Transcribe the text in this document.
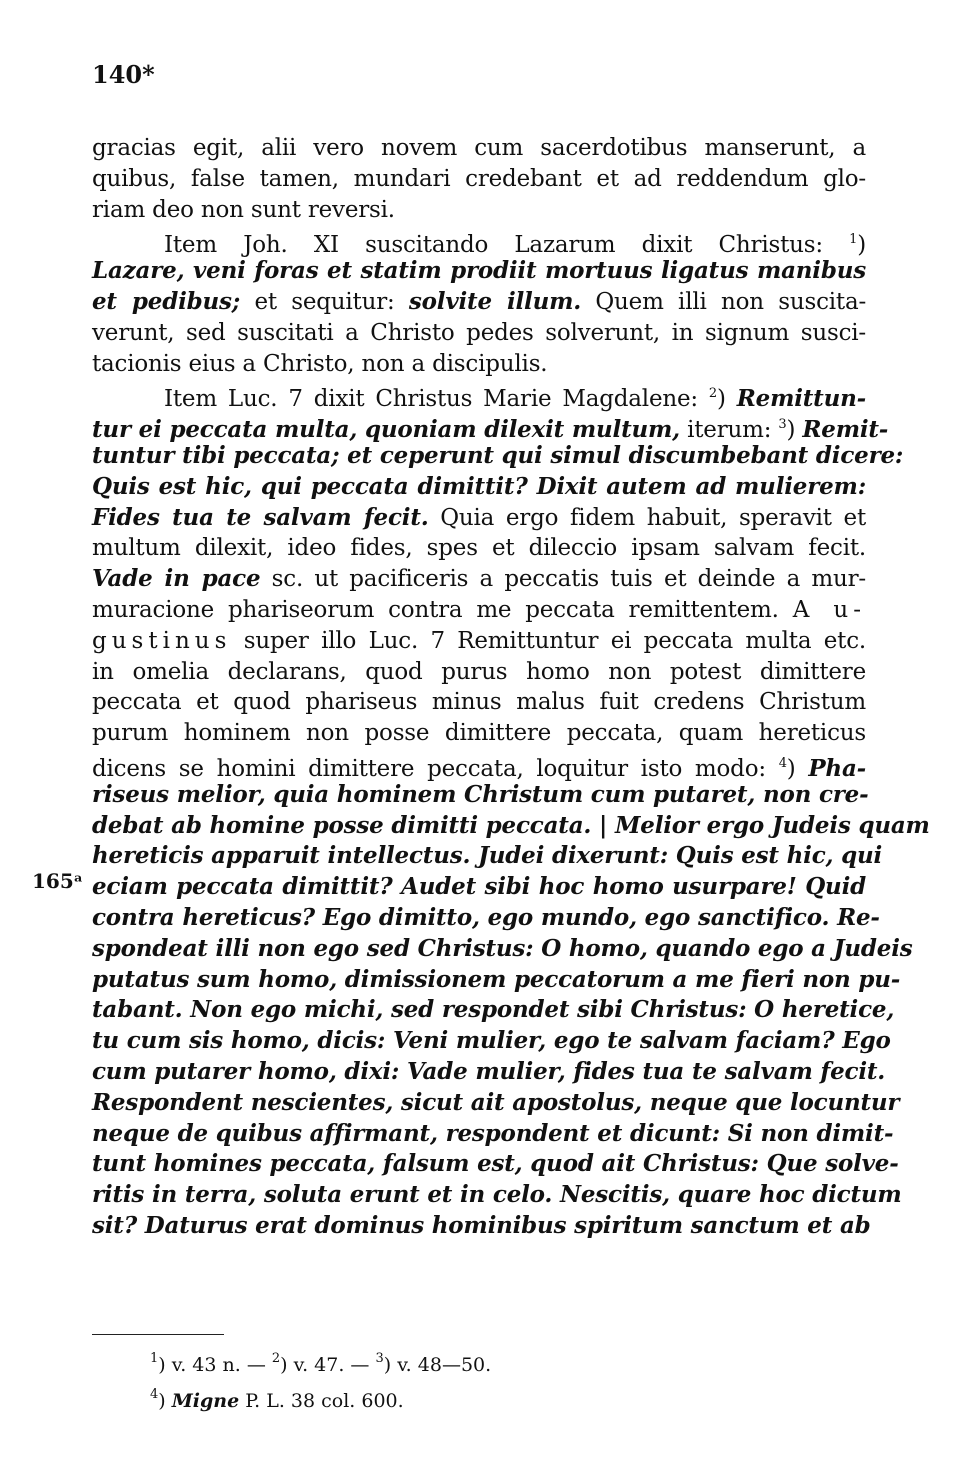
140*
165ᵃ
gracias egit, alii vero novem cum sacerdotibus manserunt, a
quibus, false tamen, mundari credebant et ad reddendum glo-
riam deo non sunt reversi.
Item Joh. XI suscitando Lazarum dixit Christus: $^1$)
Lazare, veni foras et statim prodiit mortuus ligatus manibus
et pedibus; et sequitur: solvite illum. Quem illi non suscita-
verunt, sed suscitati a Christo pedes solverunt, in signum susci-
tacionis eius a Christo, non a discipulis.
Item Luc. 7 dixit Christus Marie Magdalene: $^2$) Remittun-
tur ei peccata multa, quoniam dilexit multum, iterum: $^3$) Remit-
tuntur tibi peccata; et ceperunt qui simul discumbebant dicere:
Quis est hic, qui peccata dimittit? Dixit autem ad mulierem:
Fides tua te salvam fecit. Quia ergo fidem habuit, speravit et
multum dilexit, ideo fides, spes et dileccio ipsam salvam fecit.
Vade in pace sc. ut pacificeris a peccatis tuis et deinde a mur-
muracione phariseorum contra me peccata remittentem. A u-
gustinus super illo Luc. 7 Remittuntur ei peccata multa etc.
in omelia declarans, quod purus homo non potest dimittere
peccata et quod phariseus minus malus fuit credens Christum
purum hominem non posse dimittere peccata, quam hereticus
dicens se homini dimittere peccata, loquitur isto modo: $^4$) Pha-
riseus melior, quia hominem Christum cum putaret, non cre-
debat ab homine posse dimitti peccata. | Melior ergo Judeis quam
hereticis apparuit intellectus. Judei dixerunt: Quis est hic, qui
eciam peccata dimittit? Audet sibi hoc homo usurpare! Quid
contra hereticus? Ego dimitto, ego mundo, ego sanctifico. Re-
spondeat illi non ego sed Christus: O homo, quando ego a Judeis
putatus sum homo, dimissionem peccatorum a me fieri non pu-
tabant. Non ego michi, sed respondet sibi Christus: O heretice,
tu cum sis homo, dicis: Veni mulier, ego te salvam faciam? Ego
cum putarer homo, dixi: Vade mulier, fides tua te salvam fecit.
Respondent nescientes, sicut ait apostolus, neque que locuntur
neque de quibus affirmant, respondent et dicunt: Si non dimit-
tunt homines peccata, falsum est, quod ait Christus: Que solve-
ritis in terra, soluta erunt et in celo. Nescitis, quare hoc dictum
sit? Daturus erat dominus hominibus spiritum sanctum et ab
$^1$) v. 43 n. — $^2$) v. 47. — $^3$) v. 48—50.
$^4$) Migne P. L. 38 col. 600.
